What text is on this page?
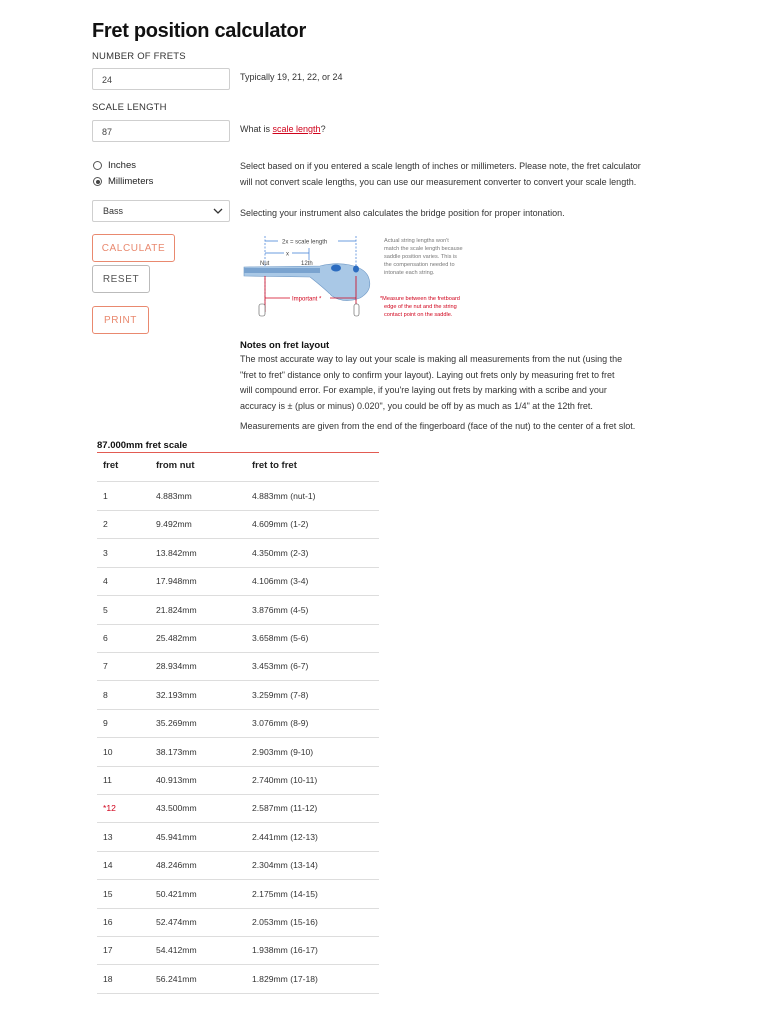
Fret position calculator
NUMBER OF FRETS
24	Typically 19, 21, 22, or 24
SCALE LENGTH
87	What is scale length?
Inches
Millimeters
Select based on if you entered a scale length of inches or millimeters. Please note, the fret calculator
will not convert scale lengths, you can use our measurement converter to convert your scale length.
Bass	Selecting your instrument also calculates the bridge position for proper intonation.
CALCULATE
RESET
PRINT
2x = scale length
x
Nut	12th
Important *
Actual string lengths won't match the scale length because saddle position varies. This is the compensation needed to intonate each string.
*Measure between the fretboard edge of the nut and the string contact point on the saddle.
Notes on fret layout
The most accurate way to lay out your scale is making all measurements from the nut (using the
"fret to fret" distance only to confirm your layout). Laying out frets only by measuring fret to fret
will compound error. For example, if you're laying out frets by marking with a scribe and your
accuracy is ± (plus or minus) 0.020", you could be off by as much as 1/4" at the 12th fret.
Measurements are given from the end of the fingerboard (face of the nut) to the center of a fret slot.
87.000mm fret scale
fret	from nut	fret to fret
1	4.883mm	4.883mm (nut-1)
2	9.492mm	4.609mm (1-2)
3	13.842mm	4.350mm (2-3)
4	17.948mm	4.106mm (3-4)
5	21.824mm	3.876mm (4-5)
6	25.482mm	3.658mm (5-6)
7	28.934mm	3.453mm (6-7)
8	32.193mm	3.259mm (7-8)
9	35.269mm	3.076mm (8-9)
10	38.173mm	2.903mm (9-10)
11	40.913mm	2.740mm (10-11)
*12	43.500mm	2.587mm (11-12)
13	45.941mm	2.441mm (12-13)
14	48.246mm	2.304mm (13-14)
15	50.421mm	2.175mm (14-15)
16	52.474mm	2.053mm (15-16)
17	54.412mm	1.938mm (16-17)
18	56.241mm	1.829mm (17-18)
